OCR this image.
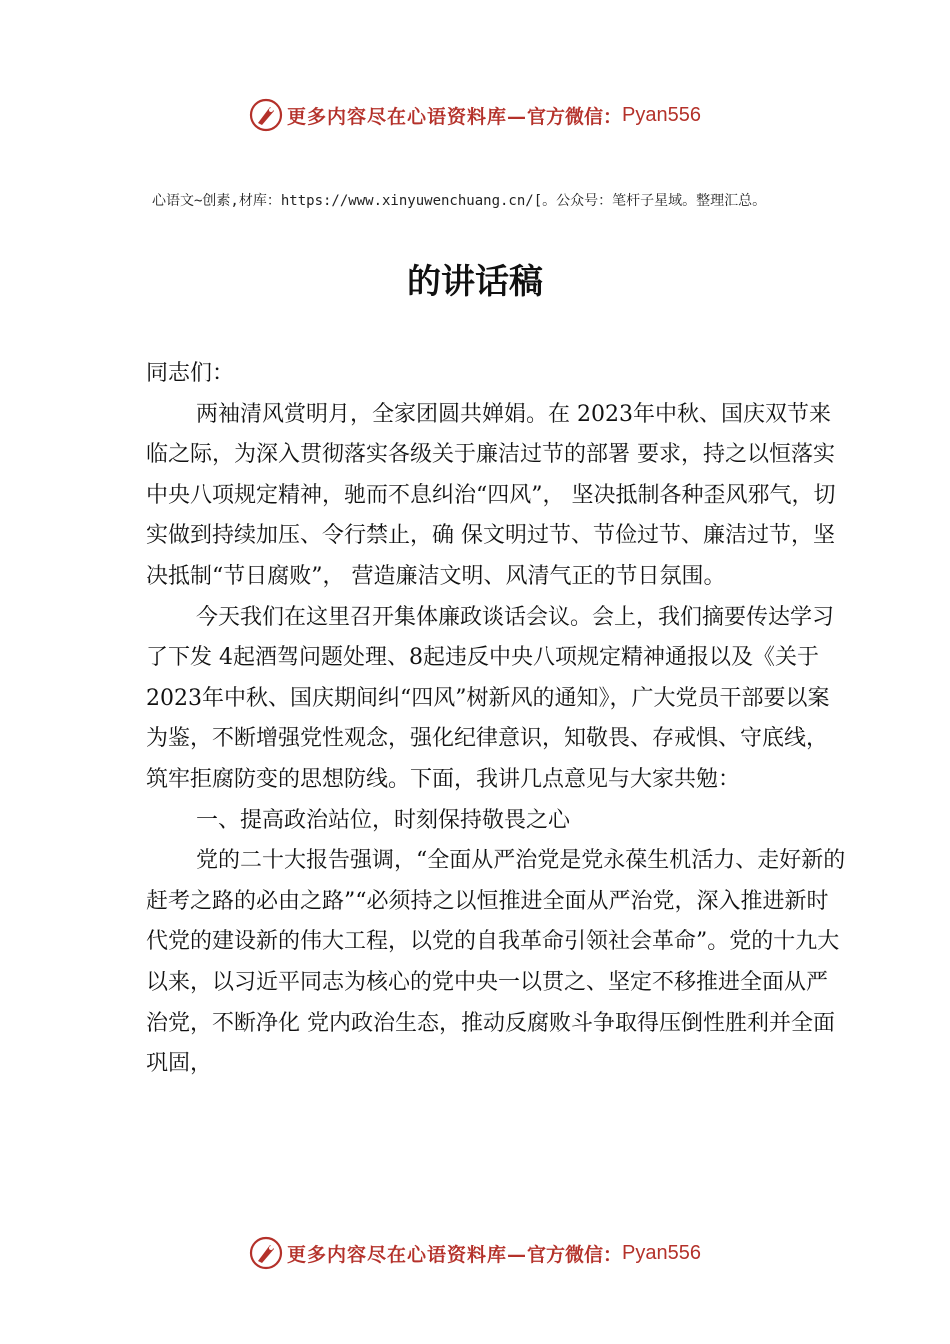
更多内容尽在心语资料库— 官方微信： Pyan556
心语文~创素,材库：https://www.xinyuwenchuang.cn/[。公众号：笔杆子星域。整理汇总。
的讲话稿

同志们：

两袖清风赏明月，全家团圆共婵娟。在 2023年中秋、国庆双节来临之际，为深入贯彻落实各级关于廉洁过节的部署 要求，持之以恒落实中央八项规定精神，驰而不息纠治“四风”， 坚决抵制各种歪风邪气，切实做到持续加压、令行禁止，确 保文明过节、节俭过节、廉洁过节，坚决抵制“节日腐败”， 营造廉洁文明、风清气正的节日氛围。

今天我们在这里召开集体廉政谈话会议。会上，我们摘要传达学习了下发 4起酒驾问题处理、8起违反中央八项规定精神通报以及《关于 2023年中秋、国庆期间纠“四风”树新风的通知》，广大党员干部要以案为鉴，不断增强党性观念，强化纪律意识，知敬畏、存戒惧、守底线，筑牢拒腐防变的思想防线。下面，我讲几点意见与大家共勉：

一、提高政治站位，时刻保持敬畏之心

党的二十大报告强调，“全面从严治党是党永葆生机活力、走好新的赶考之路的必由之路”“必须持之以恒推进全面从严治党，深入推进新时代党的建设新的伟大工程，以党的自我革命引领社会革命”。党的十九大以来，以习近平同志为核心的党中央一以贯之、坚定不移推进全面从严治党，不断净化 党内政治生态，推动反腐败斗争取得压倒性胜利并全面巩固，

更多内容尽在心语资料库— 官方微信： Pyan556
